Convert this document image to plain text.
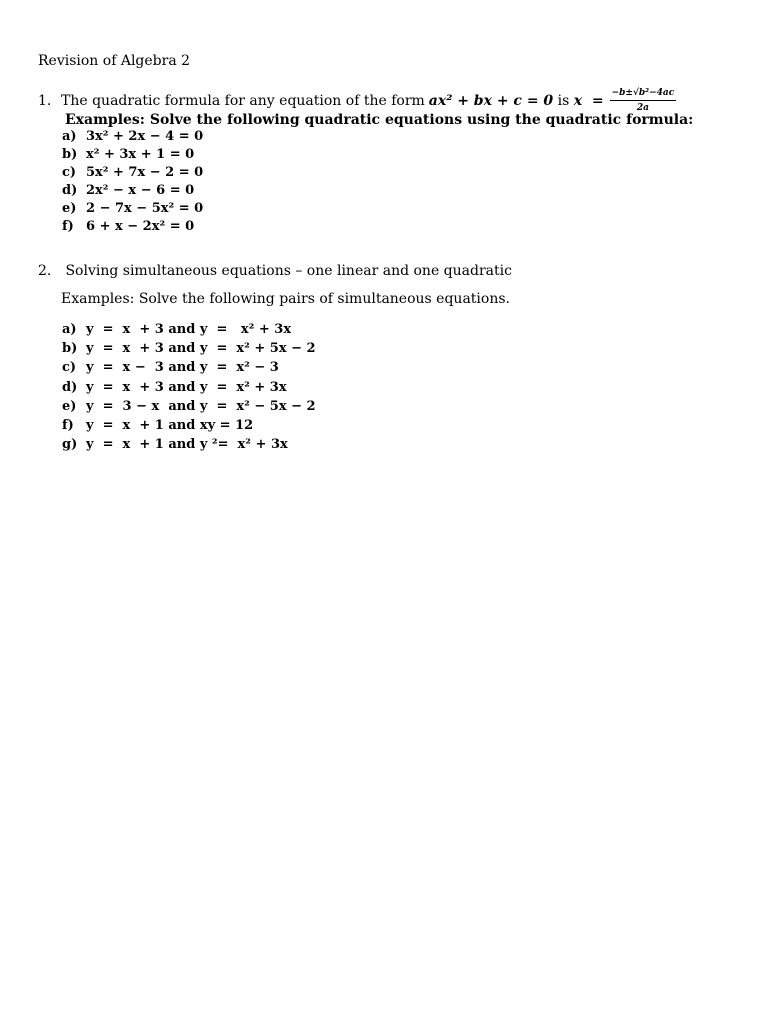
Revision of Algebra 2
1. The quadratic formula for any equation of the form ax² + bx + c = 0 is $x = \frac{\text{−b±√b²−4ac}}{2a}$
Examples: Solve the following quadratic equations using the quadratic formula:
a) 3x² + 2x − 4 = 0
b) x² + 3x + 1 = 0
c) 5x² + 7x − 2 = 0
d) 2x² − x − 6 = 0
e) 2 − 7x − 5x² = 0
f) 6 + x − 2x² = 0
2. Solving simultaneous equations – one linear and one quadratic
Examples: Solve the following pairs of simultaneous equations.
a) y  =  x  + 3 and y  =   x² + 3x
b) y  =  x  + 3 and y  =  x² + 5x − 2
c) y  =  x −  3 and y  =  x² − 3
d) y  =  x  + 3 and y  =  x² + 3x
e) y  =  3 − x  and y  =  x² − 5x − 2
f) y  =  x  + 1 and xy = 12
g) y  =  x  + 1 and y ²=  x² + 3x
